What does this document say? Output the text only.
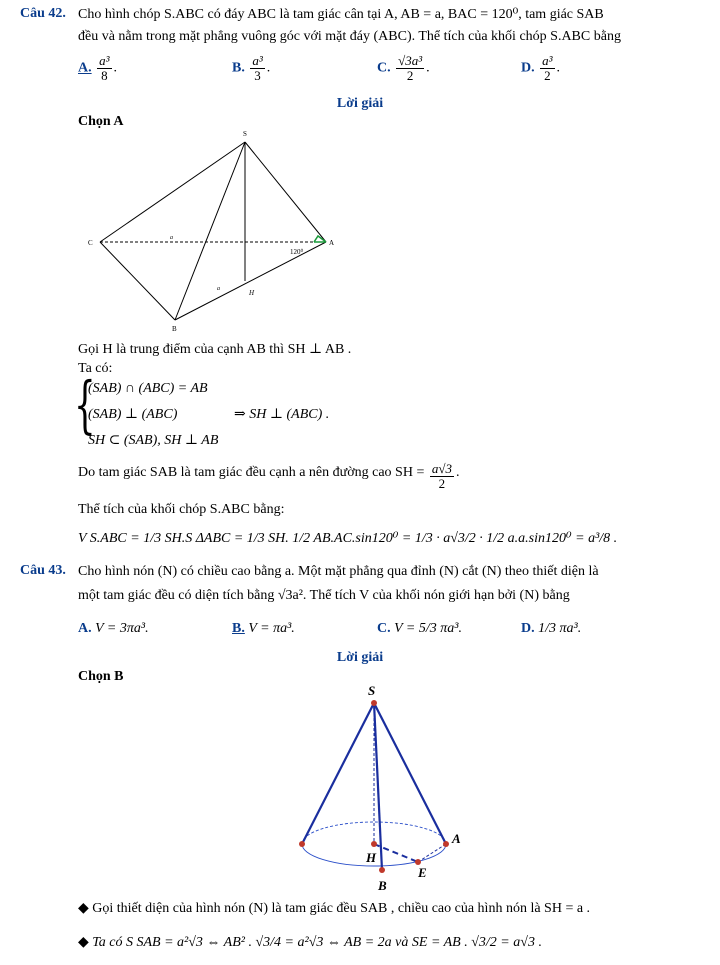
Câu 42. Cho hình chóp S.ABC có đáy ABC là tam giác cân tại A, AB = a, BAC = 120⁰, tam giác SAB
đều và nằm trong mặt phẳng vuông góc với mặt đáy (ABC). Thể tích của khối chóp S.ABC bằng
A. $\frac{\text{a³}}{8}$ .	B. $\frac{\text{a³}}{3}$ .	C. $\frac{\text{√3a³}}{2}$ .	D. $\frac{\text{a³}}{2}$ .
Lời giải
Chọn A
S
C	A
B
H
a
a
120⁰
Gọi H là trung điểm của cạnh AB thì SH ⊥ AB .
Ta có:
{
(SAB) ∩ (ABC) = AB
(SAB) ⊥ (ABC)	⇒ SH ⊥ (ABC) .
SH ⊂ (SAB), SH ⊥ AB
Do tam giác SAB là tam giác đều cạnh a nên đường cao SH = $\frac{a√3}{2}$ .
Thể tích của khối chóp S.ABC bằng:
V S.ABC = 1/3 SH.S ΔABC = 1/3 SH. 1/2 AB.AC.sin120⁰ = 1/3 · a√3/2 · 1/2 a.a.sin120⁰ = a³/8 .
Câu 43. Cho hình nón (N) có chiều cao bằng a. Một mặt phẳng qua đỉnh (N) cắt (N) theo thiết diện là
một tam giác đều có diện tích bằng √3a². Thể tích V của khối nón giới hạn bởi (N) bằng
A. V = 3πa³.	B. V = πa³.	C. V = 5/3 πa³.	D. 1/3 πa³.
Lời giải
Chọn B
S
A
H
E
B
◆ Gọi thiết diện của hình nón (N) là tam giác đều SAB , chiều cao của hình nón là SH = a .
◆ Ta có S SAB = a²√3 ⇔ AB² . √3/4 = a²√3 ⇔ AB = 2a và SE = AB . √3/2 = a√3 .
